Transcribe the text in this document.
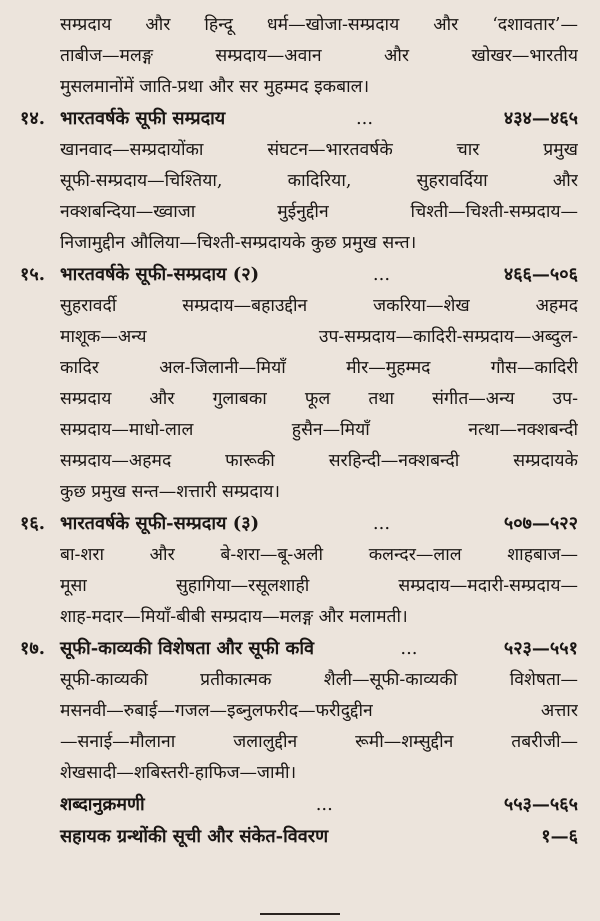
सम्प्रदाय और हिन्दू धर्म—खोजा-सम्प्रदाय और ‘दशावतार’—
ताबीज—मलङ्ग सम्प्रदाय—अवान और खोखर—भारतीय
मुसलमानोंमें जाति-प्रथा और सर मुहम्मद इकबाल।
१४. भारतवर्षके सूफी सम्प्रदाय	...	४३४—४६५
खानवाद—सम्प्रदायोंका संघटन—भारतवर्षके चार प्रमुख
सूफी-सम्प्रदाय—चिश्तिया, कादिरिया, सुहरावर्दिया और
नक्शबन्दिया—ख्वाजा मुईनुद्दीन चिश्ती—चिश्ती-सम्प्रदाय—
निजामुद्दीन औलिया—चिश्ती-सम्प्रदायके कुछ प्रमुख सन्त।
१५. भारतवर्षके सूफी-सम्प्रदाय (२)	...	४६६—५०६
सुहरावर्दी सम्प्रदाय—बहाउद्दीन जकरिया—शेख अहमद
माशूक—अन्य उप-सम्प्रदाय—कादिरी-सम्प्रदाय—अब्दुल-
कादिर अल-जिलानी—मियाँ मीर—मुहम्मद गौस—कादिरी
सम्प्रदाय और गुलाबका फूल तथा संगीत—अन्य उप-
सम्प्रदाय—माधो-लाल हुसैन—मियाँ नत्था—नक्शबन्दी
सम्प्रदाय—अहमद फारूकी सरहिन्दी—नक्शबन्दी सम्प्रदायके
कुछ प्रमुख सन्त—शत्तारी सम्प्रदाय।
१६. भारतवर्षके सूफी-सम्प्रदाय (३)	...	५०७—५२२
बा-शरा और बे-शरा—बू-अली कलन्दर—लाल शाहबाज—
मूसा सुहागिया—रसूलशाही सम्प्रदाय—मदारी-सम्प्रदाय—
शाह-मदार—मियाँ-बीबी सम्प्रदाय—मलङ्ग और मलामती।
१७. सूफी-काव्यकी विशेषता और सूफी कवि	...	५२३—५५१
सूफी-काव्यकी प्रतीकात्मक शैली—सूफी-काव्यकी विशेषता—
मसनवी—रुबाई—गजल—इब्नुलफरीद—फरीदुद्दीन अत्तार
—सनाई—मौलाना जलालुद्दीन रूमी—शम्सुद्दीन तबरीजी—
शेखसादी—शबिस्तरी-हाफिज—जामी।
शब्दानुक्रमणी	...	५५३—५६५
सहायक ग्रन्थोंकी सूची और संकेत-विवरण	१—६
